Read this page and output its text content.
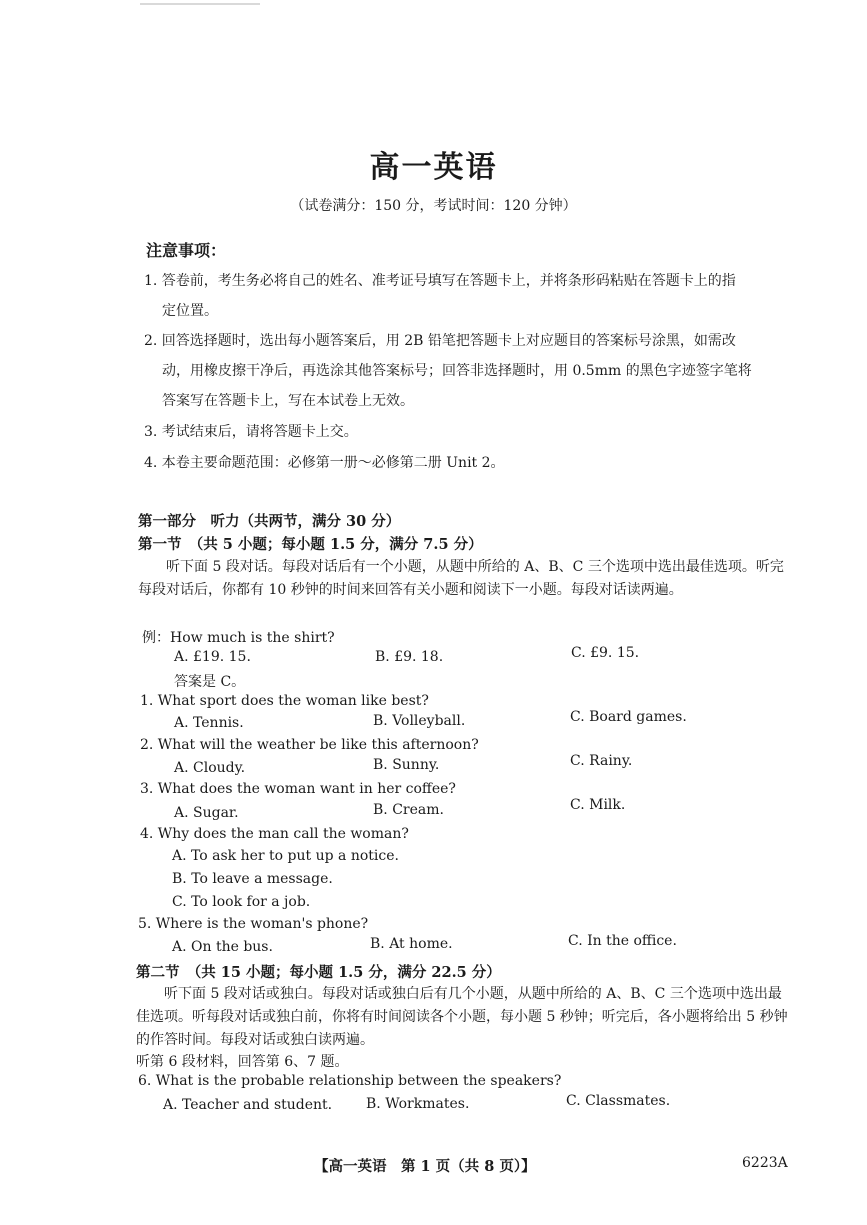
高一英语
（试卷满分：150 分，考试时间：120 分钟）
注意事项：
1. 答卷前，考生务必将自己的姓名、准考证号填写在答题卡上，并将条形码粘贴在答题卡上的指
定位置。
2. 回答选择题时，选出每小题答案后，用 2B 铅笔把答题卡上对应题目的答案标号涂黑，如需改
动，用橡皮擦干净后，再选涂其他答案标号；回答非选择题时，用 0.5mm 的黑色字迹签字笔将
答案写在答题卡上，写在本试卷上无效。
3. 考试结束后，请将答题卡上交。
4. 本卷主要命题范围：必修第一册～必修第二册 Unit 2。
第一部分　听力（共两节，满分 30 分）
第一节　（共 5 小题；每小题 1.5 分，满分 7.5 分）
听下面 5 段对话。每段对话后有一个小题，从题中所给的 A、B、C 三个选项中选出最佳选项。听完每段对话后，你都有 10 秒钟的时间来回答有关小题和阅读下一小题。每段对话读两遍。
例：How much is the shirt?
A. £19. 15.	B. £9. 18.	C. £9. 15.
答案是 C。
1. What sport does the woman like best?
A. Tennis.	B. Volleyball.	C. Board games.
2. What will the weather be like this afternoon?
A. Cloudy.	B. Sunny.	C. Rainy.
3. What does the woman want in her coffee?
A. Sugar.	B. Cream.	C. Milk.
4. Why does the man call the woman?
A. To ask her to put up a notice.
B. To leave a message.
C. To look for a job.
5. Where is the woman's phone?
A. On the bus.	B. At home.	C. In the office.
第二节　（共 15 小题；每小题 1.5 分，满分 22.5 分）
听下面 5 段对话或独白。每段对话或独白后有几个小题，从题中所给的 A、B、C 三个选项中选出最佳选项。听每段对话或独白前，你将有时间阅读各个小题，每小题 5 秒钟；听完后，各小题将给出 5 秒钟的作答时间。每段对话或独白读两遍。
听第 6 段材料，回答第 6、7 题。
6. What is the probable relationship between the speakers?
A. Teacher and student. B. Workmates.	C. Classmates.
【高一英语　第 1 页（共 8 页）】	6223A
